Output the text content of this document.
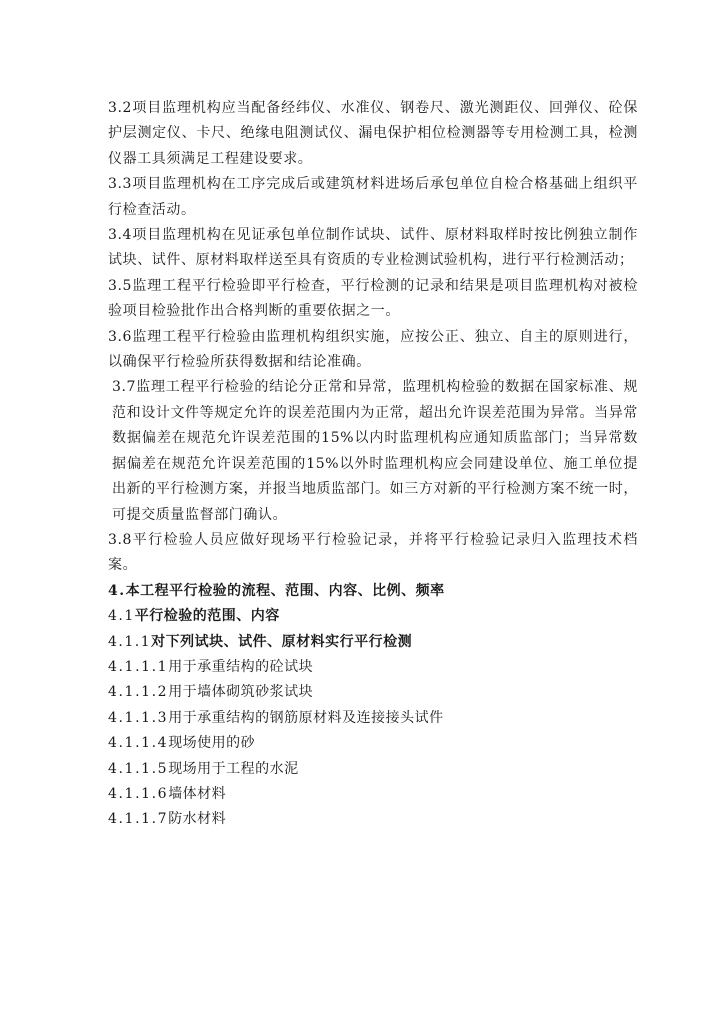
3.2项目监理机构应当配备经纬仪、水准仪、钢卷尺、激光测距仪、回弹仪、砼保护层测定仪、卡尺、绝缘电阻测试仪、漏电保护相位检测器等专用检测工具，检测仪器工具须满足工程建设要求。

3.3项目监理机构在工序完成后或建筑材料进场后承包单位自检合格基础上组织平行检查活动。

3.4项目监理机构在见证承包单位制作试块、试件、原材料取样时按比例独立制作试块、试件、原材料取样送至具有资质的专业检测试验机构，进行平行检测活动；

3.5监理工程平行检验即平行检查，平行检测的记录和结果是项目监理机构对被检验项目检验批作出合格判断的重要依据之一。

3.6监理工程平行检验由监理机构组织实施，应按公正、独立、自主的原则进行，以确保平行检验所获得数据和结论准确。

3.7监理工程平行检验的结论分正常和异常，监理机构检验的数据在国家标准、规范和设计文件等规定允许的误差范围内为正常，超出允许误差范围为异常。当异常数据偏差在规范允许误差范围的15%以内时监理机构应通知质监部门；当异常数据偏差在规范允许误差范围的15%以外时监理机构应会同建设单位、施工单位提出新的平行检测方案，并报当地质监部门。如三方对新的平行检测方案不统一时，可提交质量监督部门确认。

3.8平行检验人员应做好现场平行检验记录，并将平行检验记录归入监理技术档案。

4.本工程平行检验的流程、范围、内容、比例、频率

4.1平行检验的范围、内容

4.1.1对下列试块、试件、原材料实行平行检测

4.1.1.1用于承重结构的砼试块

4.1.1.2用于墙体砌筑砂浆试块

4.1.1.3用于承重结构的钢筋原材料及连接接头试件

4.1.1.4现场使用的砂

4.1.1.5现场用于工程的水泥

4.1.1.6墙体材料

4.1.1.7防水材料
